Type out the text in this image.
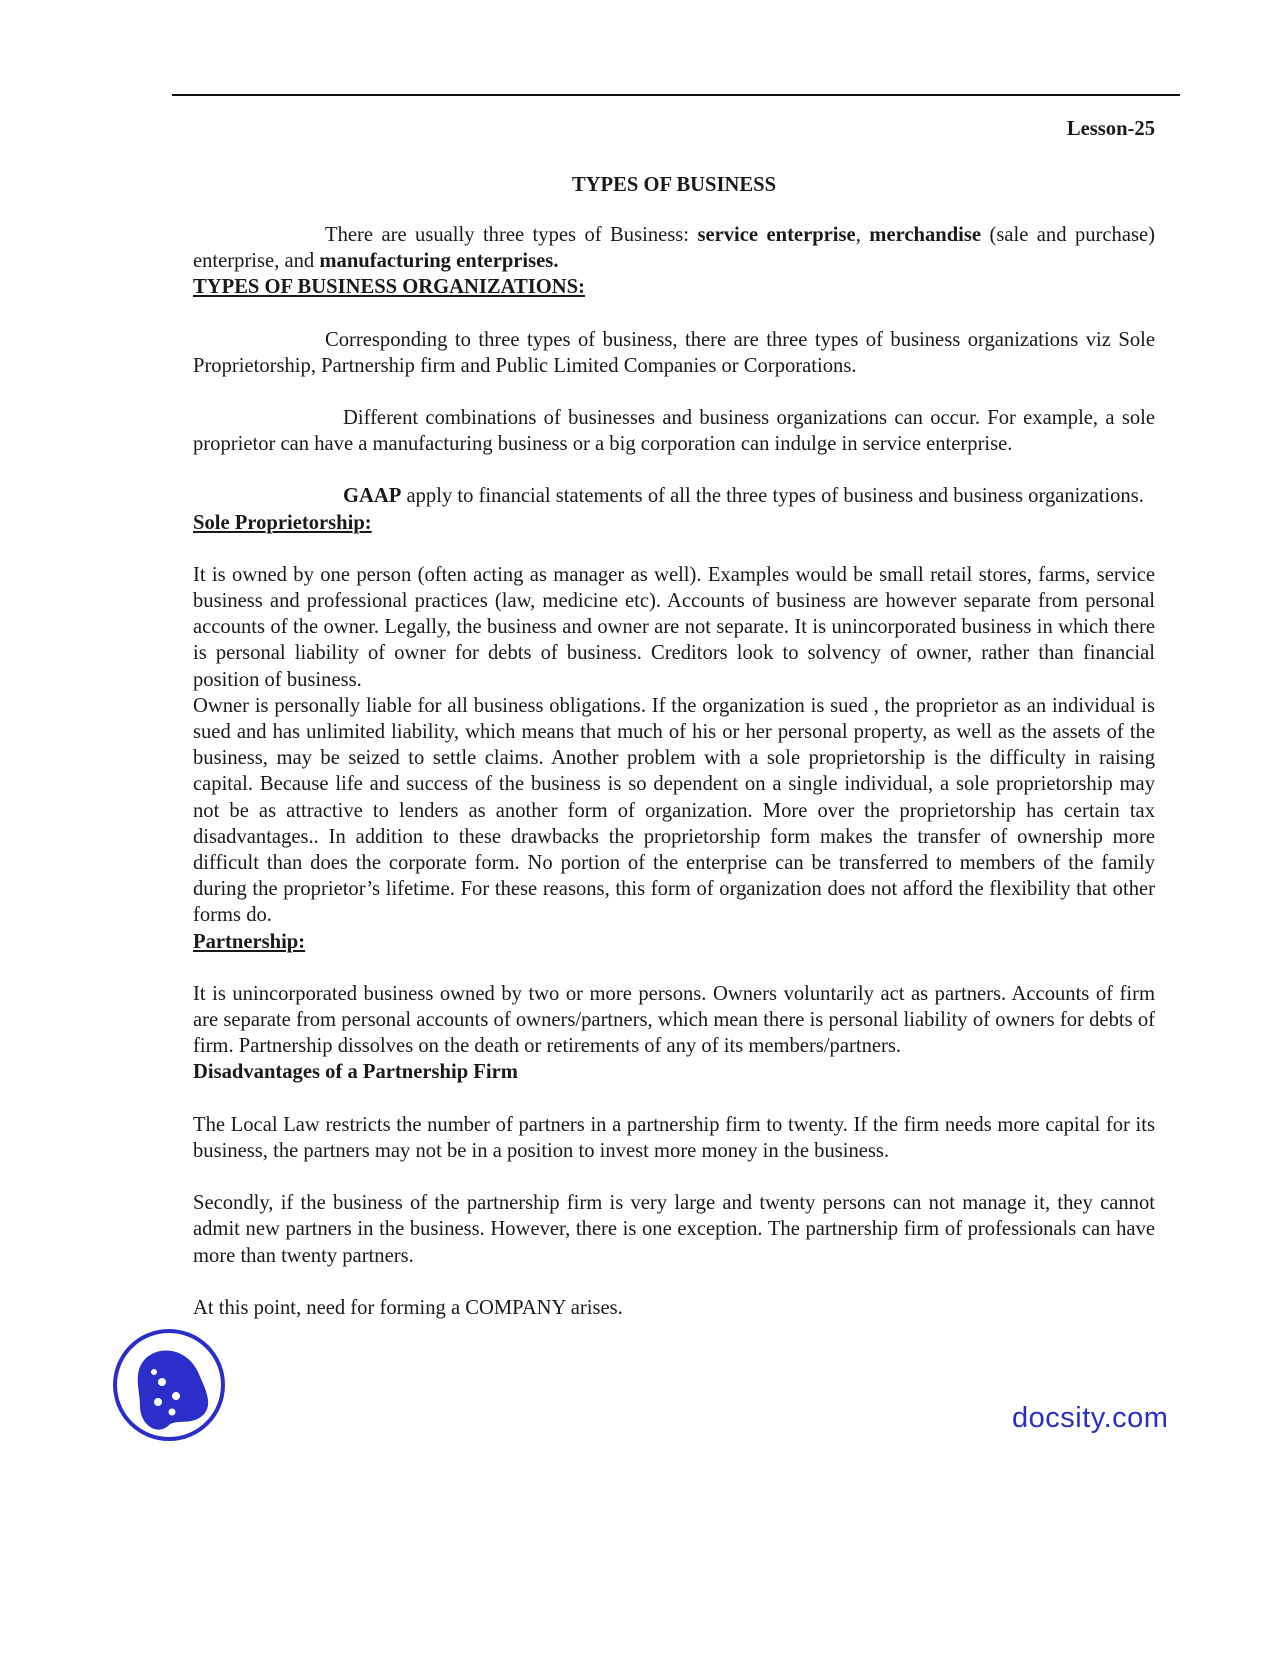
Lesson-25
TYPES OF BUSINESS

There are usually three types of Business: service enterprise, merchandise (sale and purchase) enterprise, and manufacturing enterprises.

TYPES OF BUSINESS ORGANIZATIONS:

Corresponding to three types of business, there are three types of business organizations viz Sole Proprietorship, Partnership firm and Public Limited Companies or Corporations.

Different combinations of businesses and business organizations can occur. For example, a sole proprietor can have a manufacturing business or a big corporation can indulge in service enterprise.

GAAP apply to financial statements of all the three types of business and business organizations.

Sole Proprietorship:

It is owned by one person (often acting as manager as well). Examples would be small retail stores, farms, service business and professional practices (law, medicine etc). Accounts of business are however separate from personal accounts of the owner. Legally, the business and owner are not separate. It is unincorporated business in which there is personal liability of owner for debts of business. Creditors look to solvency of owner, rather than financial position of business.

Owner is personally liable for all business obligations. If the organization is sued , the proprietor as an individual is sued and has unlimited liability, which means that much of his or her personal property, as well as the assets of the business, may be seized to settle claims. Another problem with a sole proprietorship is the difficulty in raising capital. Because life and success of the business is so dependent on a single individual, a sole proprietorship may not be as attractive to lenders as another form of organization. More over the proprietorship has certain tax disadvantages.. In addition to these drawbacks the proprietorship form makes the transfer of ownership more difficult than does the corporate form. No portion of the enterprise can be transferred to members of the family during the proprietor’s lifetime. For these reasons, this form of organization does not afford the flexibility that other forms do.

Partnership:

It is unincorporated business owned by two or more persons. Owners voluntarily act as partners. Accounts of firm are separate from personal accounts of owners/partners, which mean there is personal liability of owners for debts of firm. Partnership dissolves on the death or retirements of any of its members/partners.

Disadvantages of a Partnership Firm

The Local Law restricts the number of partners in a partnership firm to twenty. If the firm needs more capital for its business, the partners may not be in a position to invest more money in the business.

Secondly, if the business of the partnership firm is very large and twenty persons can not manage it, they cannot admit new partners in the business. However, there is one exception. The partnership firm of professionals can have more than twenty partners.

At this point, need for forming a COMPANY arises.

docsity.com
